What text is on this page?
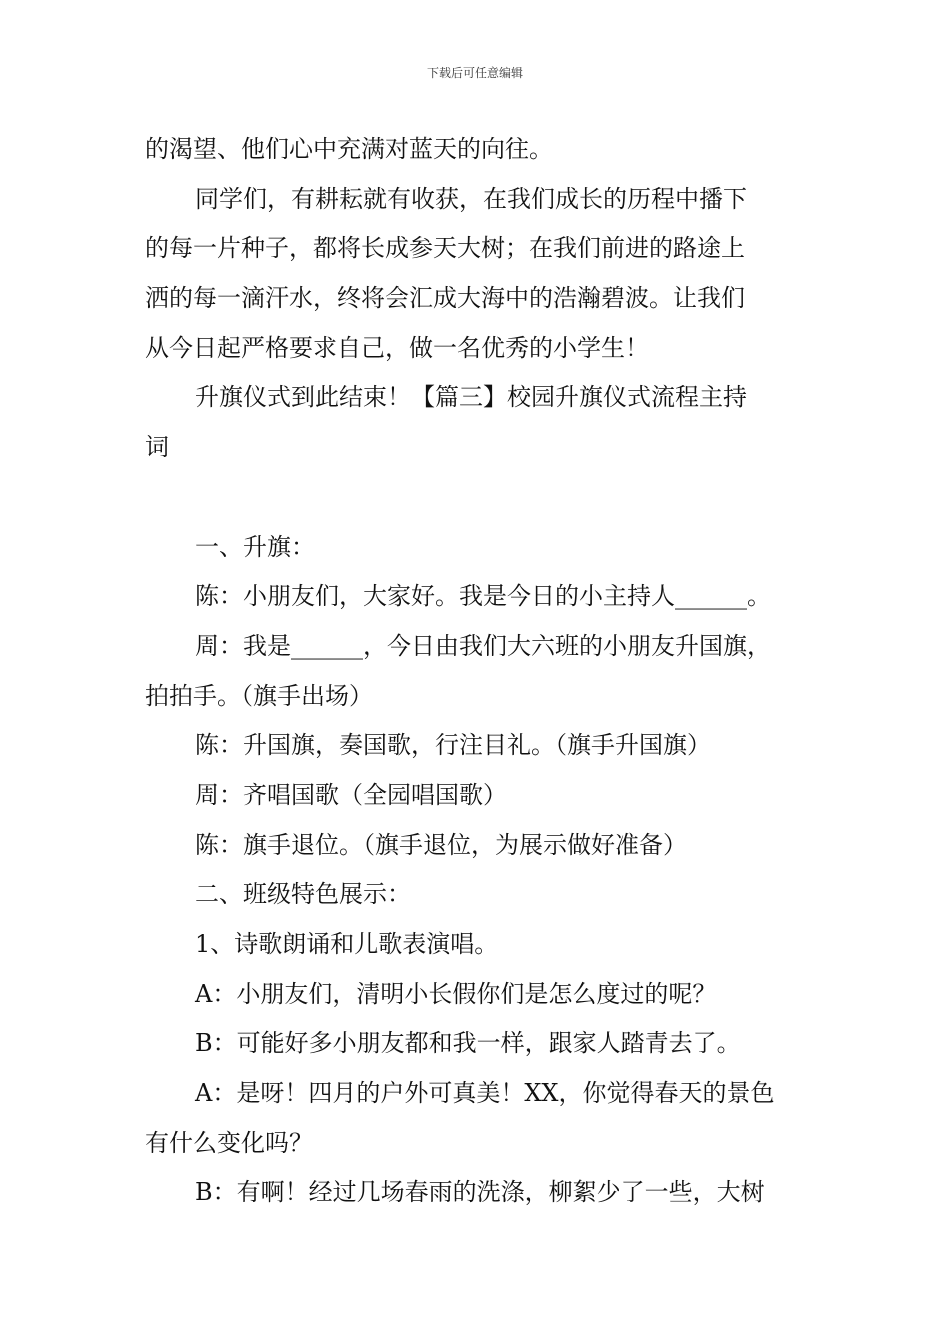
下载后可任意编辑
的渴望、他们心中充满对蓝天的向往。
同学们，有耕耘就有收获，在我们成长的历程中播下
的每一片种子，都将长成参天大树；在我们前进的路途上
洒的每一滴汗水，终将会汇成大海中的浩瀚碧波。让我们
从今日起严格要求自己，做一名优秀的小学生！
升旗仪式到此结束！【篇三】校园升旗仪式流程主持
词
一、升旗：
陈：小朋友们，大家好。我是今日的小主持人______。
周：我是______，今日由我们大六班的小朋友升国旗，
拍拍手。（旗手出场）
陈：升国旗，奏国歌，行注目礼。（旗手升国旗）
周：齐唱国歌（全园唱国歌）
陈：旗手退位。（旗手退位，为展示做好准备）
二、班级特色展示：
1、诗歌朗诵和儿歌表演唱。
A：小朋友们，清明小长假你们是怎么度过的呢？
B：可能好多小朋友都和我一样，跟家人踏青去了。
A：是呀！四月的户外可真美！XX，你觉得春天的景色
有什么变化吗？
B：有啊！经过几场春雨的洗涤，柳絮少了一些，大树
